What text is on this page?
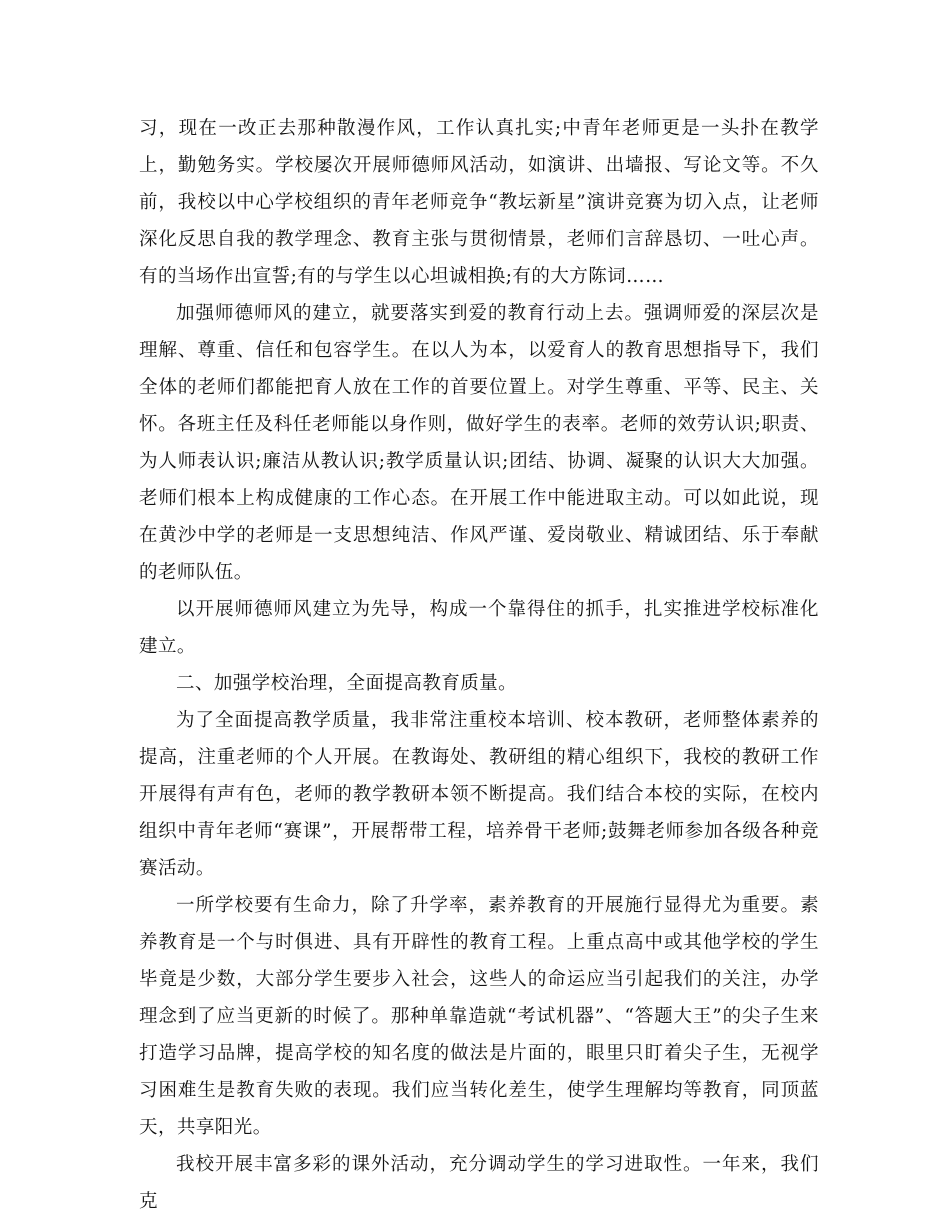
习，现在一改正去那种散漫作风，工作认真扎实;中青年老师更是一头扑在教学上，勤勉务实。学校屡次开展师德师风活动，如演讲、出墙报、写论文等。不久前，我校以中心学校组织的青年老师竞争“教坛新星”演讲竞赛为切入点，让老师深化反思自我的教学理念、教育主张与贯彻情景，老师们言辞恳切、一吐心声。有的当场作出宣誓;有的与学生以心坦诚相换;有的大方陈词……

加强师德师风的建立，就要落实到爱的教育行动上去。强调师爱的深层次是理解、尊重、信任和包容学生。在以人为本，以爱育人的教育思想指导下，我们全体的老师们都能把育人放在工作的首要位置上。对学生尊重、平等、民主、关怀。各班主任及科任老师能以身作则，做好学生的表率。老师的效劳认识;职责、为人师表认识;廉洁从教认识;教学质量认识;团结、协调、凝聚的认识大大加强。老师们根本上构成健康的工作心态。在开展工作中能进取主动。可以如此说，现在黄沙中学的老师是一支思想纯洁、作风严谨、爱岗敬业、精诚团结、乐于奉献的老师队伍。

以开展师德师风建立为先导，构成一个靠得住的抓手，扎实推进学校标准化建立。

二、加强学校治理，全面提高教育质量。

为了全面提高教学质量，我非常注重校本培训、校本教研，老师整体素养的提高，注重老师的个人开展。在教诲处、教研组的精心组织下，我校的教研工作开展得有声有色，老师的教学教研本领不断提高。我们结合本校的实际，在校内组织中青年老师“赛课”，开展帮带工程，培养骨干老师;鼓舞老师参加各级各种竞赛活动。

一所学校要有生命力，除了升学率，素养教育的开展施行显得尤为重要。素养教育是一个与时俱进、具有开辟性的教育工程。上重点高中或其他学校的学生毕竟是少数，大部分学生要步入社会，这些人的命运应当引起我们的关注，办学理念到了应当更新的时候了。那种单靠造就“考试机器”、“答题大王”的尖子生来打造学习品牌，提高学校的知名度的做法是片面的，眼里只盯着尖子生，无视学习困难生是教育失败的表现。我们应当转化差生，使学生理解均等教育，同顶蓝天，共享阳光。

我校开展丰富多彩的课外活动，充分调动学生的学习进取性。一年来，我们克
